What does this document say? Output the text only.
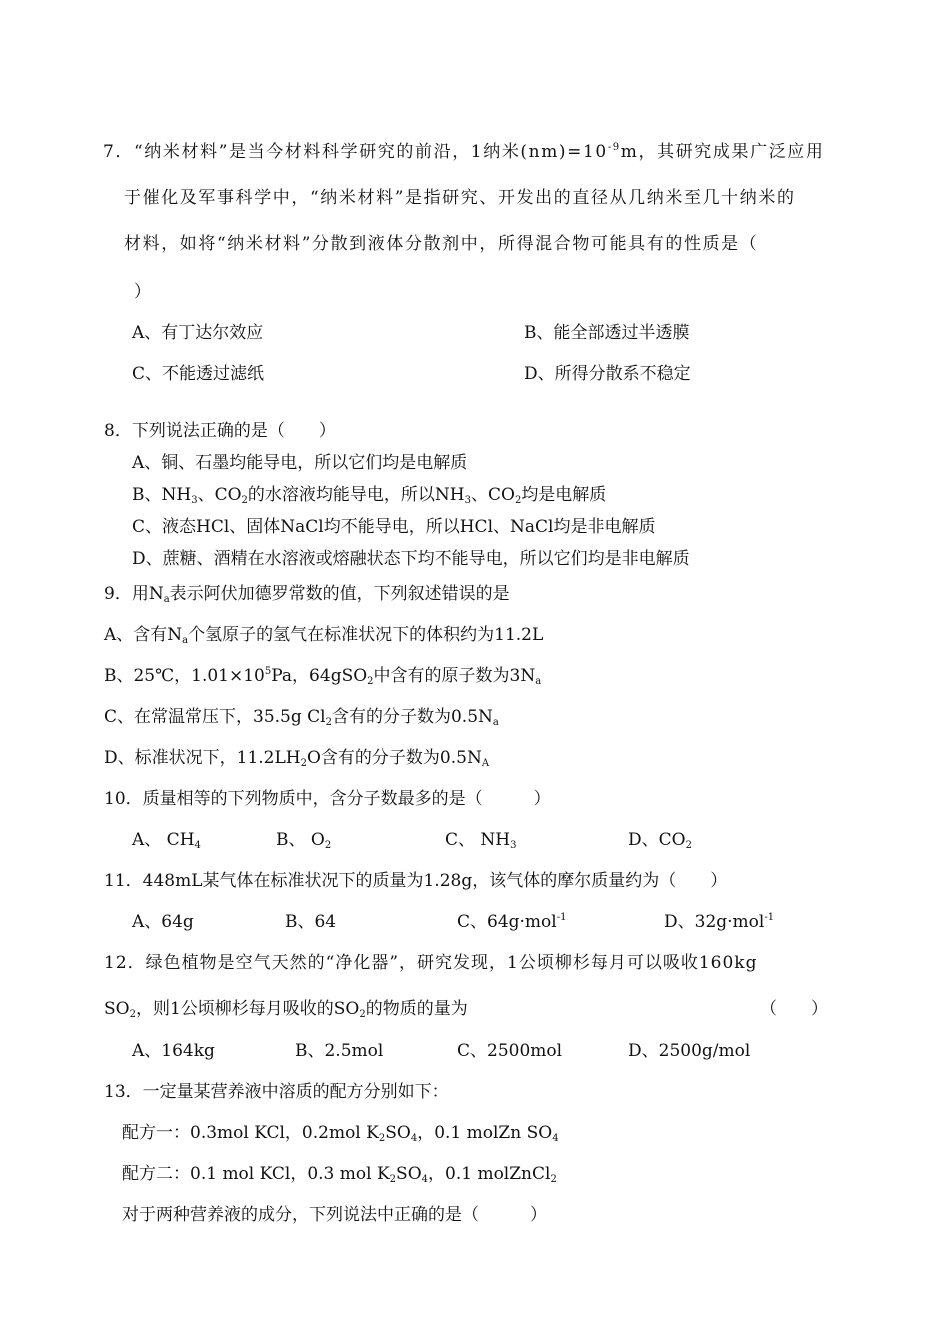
7．“纳米材料”是当今材料科学研究的前沿，1纳米$(nm)=10^{-9}m$，其研究成果广泛应用
于催化及军事科学中，“纳米材料”是指研究、开发出的直径从几纳米至几十纳米的
材料，如将“纳米材料”分散到液体分散剂中，所得混合物可能具有的性质是（
）
A、有丁达尔效应	B、能全部透过半透膜
C、不能透过滤纸	D、所得分散系不稳定
8．下列说法正确的是（　　）
A、铜、石墨均能导电，所以它们均是电解质
B、$NH_3$、$CO_2$的水溶液均能导电，所以$NH_3$、$CO_2$均是电解质
C、液态HCl、固体NaCl均不能导电，所以HCl、NaCl均是非电解质
D、蔗糖、酒精在水溶液或熔融状态下均不能导电，所以它们均是非电解质
9．用$N_a$表示阿伏加德罗常数的值，下列叙述错误的是
A、含有$N_a$个氢原子的氢气在标准状况下的体积约为11.2L
B、25℃，$1.01\times 10^5Pa$，64gSO$_2$中含有的原子数为$3N_a$
C、在常温常压下，35.5g $Cl_2$含有的分子数为$0.5N_a$
D、标准状况下，$11.2LH_2O$含有的分子数为$0.5N_A$
10．质量相等的下列物质中，含分子数最多的是（　　　）
A、 $CH_4$	B、 $O_2$	C、 $NH_3$	D、$CO_2$
11．448mL某气体在标准状况下的质量为1.28g，该气体的摩尔质量约为（　　）
A、64g	B、64	C、64g·mol$^{-1}$	D、32g·mol$^{-1}$
12．绿色植物是空气天然的“净化器”，研究发现，1公顷柳杉每月可以吸收160kg
$SO_2$，则1公顷柳杉每月吸收的$SO_2$的物质的量为	（　　）
A、164kg	B、2.5mol	C、2500mol	D、2500g/mol
13．一定量某营养液中溶质的配方分别如下：
配方一：0.3mol KCl，0.2mol $K_2SO_4$，0.1 molZn $SO_4$
配方二：0.1 mol KCl，0.3 mol $K_2SO_4$，0.1 molZnCl$_2$
对于两种营养液的成分，下列说法中正确的是（　　　）
